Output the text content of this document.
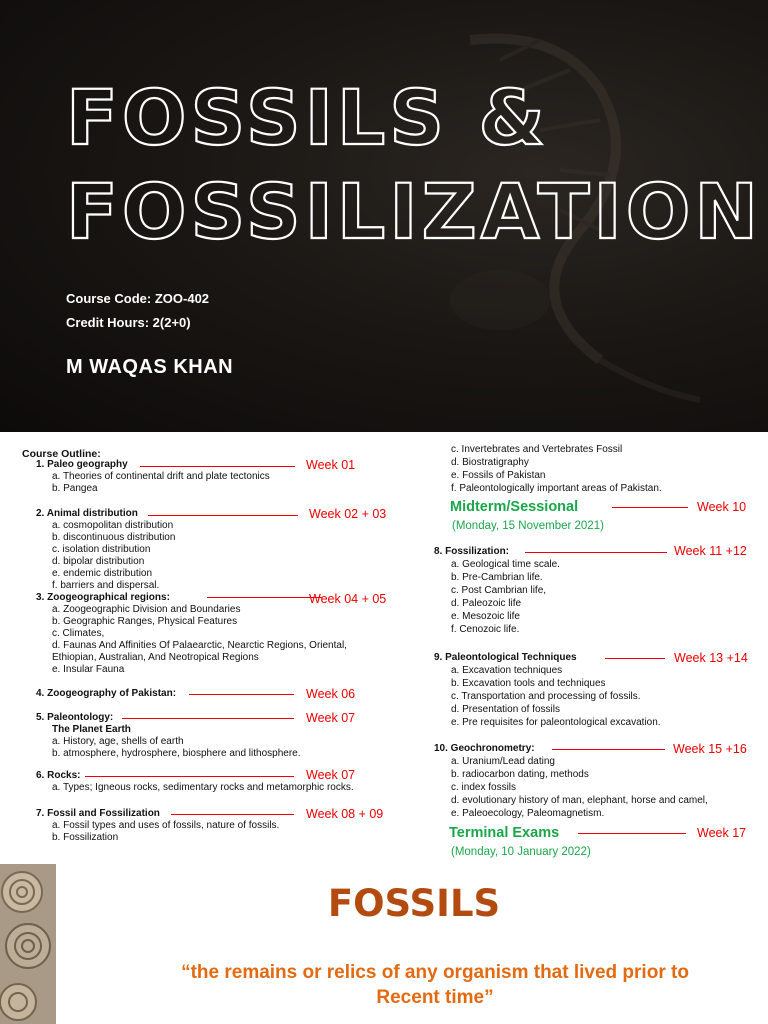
FOSSILS &
FOSSILIZATION
Course Code: ZOO-402
Credit Hours: 2(2+0)
M WAQAS KHAN
Course Outline:
1. Paleo geography
a. Theories of continental drift and plate tectonics
b. Pangea
2. Animal distribution
a. cosmopolitan distribution
b. discontinuous distribution
c. isolation distribution
d. bipolar distribution
e. endemic distribution
f. barriers and dispersal.
3. Zoogeographical regions:
a. Zoogeographic Division and Boundaries
b. Geographic Ranges, Physical Features
c. Climates,
d. Faunas And Affinities Of Palaearctic, Nearctic Regions, Oriental,
Ethiopian, Australian, And Neotropical Regions
e. Insular Fauna
4. Zoogeography of Pakistan:
5. Paleontology:
The Planet Earth
a. History, age, shells of earth
b. atmosphere, hydrosphere, biosphere and lithosphere.
6. Rocks:
a. Types; Igneous rocks, sedimentary rocks and metamorphic rocks.
7. Fossil and Fossilization
a. Fossil types and uses of fossils, nature of fossils.
b. Fossilization
c. Invertebrates and Vertebrates Fossil
d. Biostratigraphy
e. Fossils of Pakistan
f. Paleontologically important areas of Pakistan.
8. Fossilization:
a. Geological time scale.
b. Pre-Cambrian life.
c. Post Cambrian life,
d. Paleozoic life
e. Mesozoic life
f. Cenozoic life.
9. Paleontological Techniques
a. Excavation techniques
b. Excavation tools and techniques
c. Transportation and processing of fossils.
d. Presentation of fossils
e. Pre requisites for paleontological excavation.
10. Geochronometry:
a. Uranium/Lead dating
b. radiocarbon dating, methods
c. index fossils
d. evolutionary history of man, elephant, horse and camel,
e. Paleoecology, Paleomagnetism.
Week 01
Week 02 + 03
Week 04 + 05
Week 06
Week 07
Week 07
Week 08 + 09
Midterm/Sessional	Week 10
(Monday, 15 November 2021)
Week 11 +12
Week 13 +14
Week 15 +16
Terminal Exams	Week 17
(Monday, 10 January 2022)
FOSSILS
“the remains or relics of any organism that lived prior to
Recent time”
